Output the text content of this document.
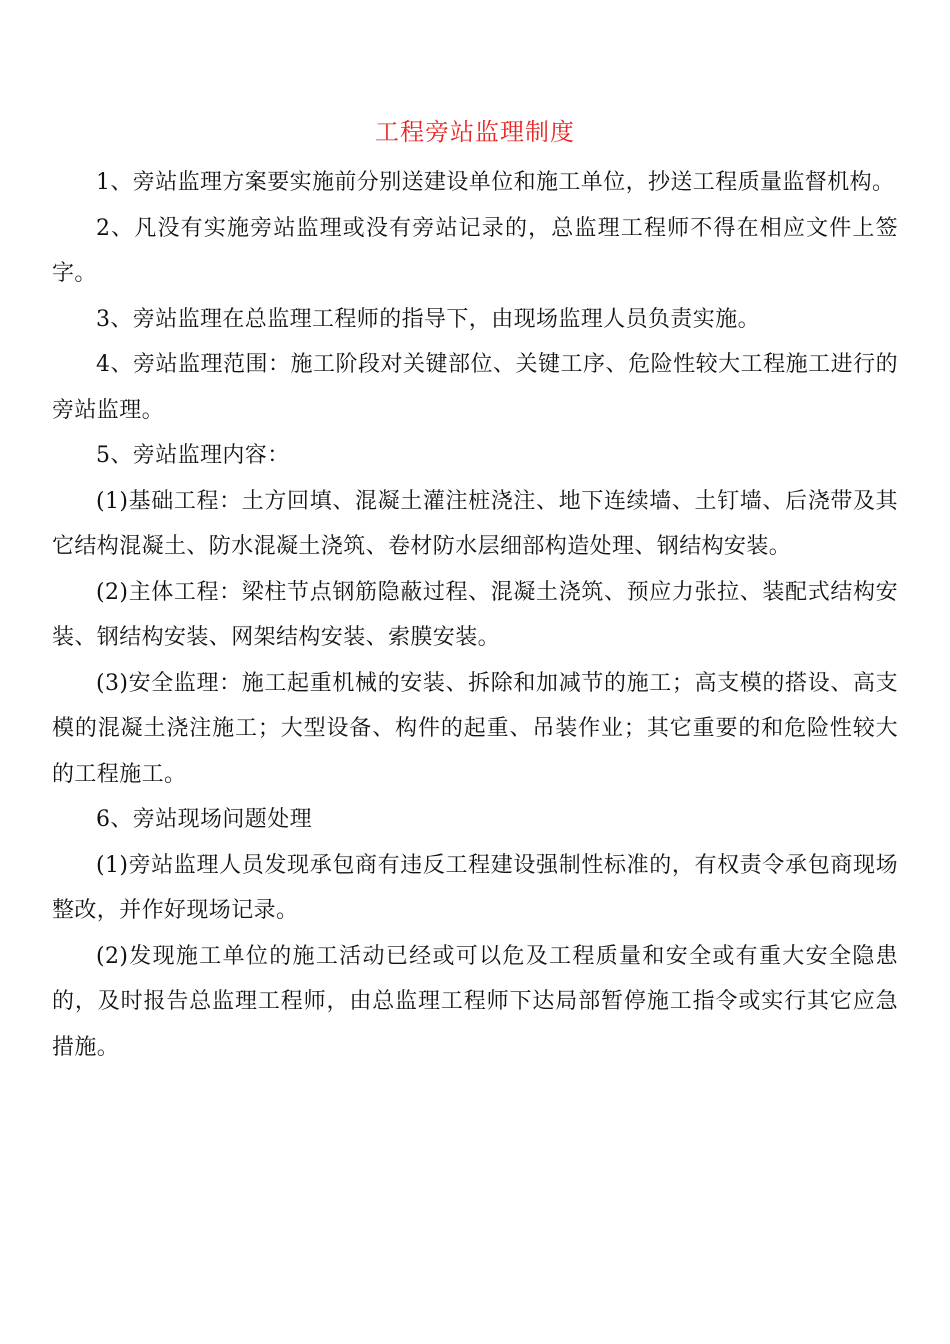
工程旁站监理制度

1、旁站监理方案要实施前分别送建设单位和施工单位，抄送工程质量监督机构。

2、凡没有实施旁站监理或没有旁站记录的，总监理工程师不得在相应文件上签字。

3、旁站监理在总监理工程师的指导下，由现场监理人员负责实施。

4、旁站监理范围：施工阶段对关键部位、关键工序、危险性较大工程施工进行的旁站监理。

5、旁站监理内容：

(1)基础工程：土方回填、混凝土灌注桩浇注、地下连续墙、土钉墙、后浇带及其它结构混凝土、防水混凝土浇筑、卷材防水层细部构造处理、钢结构安装。

(2)主体工程：梁柱节点钢筋隐蔽过程、混凝土浇筑、预应力张拉、装配式结构安装、钢结构安装、网架结构安装、索膜安装。

(3)安全监理：施工起重机械的安装、拆除和加减节的施工；高支模的搭设、高支模的混凝土浇注施工；大型设备、构件的起重、吊装作业；其它重要的和危险性较大的工程施工。

6、旁站现场问题处理

(1)旁站监理人员发现承包商有违反工程建设强制性标准的，有权责令承包商现场整改，并作好现场记录。

(2)发现施工单位的施工活动已经或可以危及工程质量和安全或有重大安全隐患的，及时报告总监理工程师，由总监理工程师下达局部暂停施工指令或实行其它应急措施。
